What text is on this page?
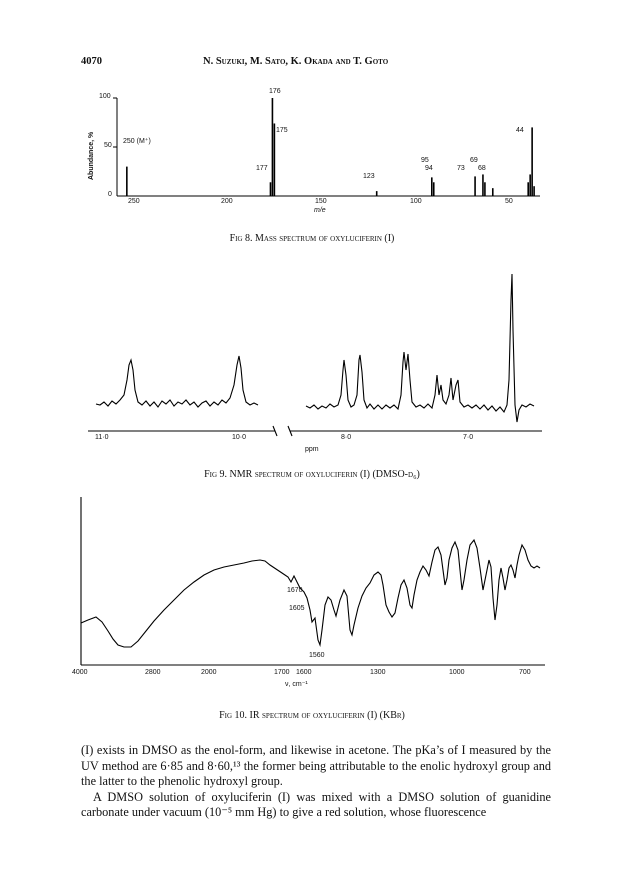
4070	N. Suzuki, M. Sato, K. Okada and T. Goto
100
50
0
Abundance, %
250	200	150	100	50
m/e
176
175
177
250 (M⁺)
123
95
94	73
69
68
44
Fig 8. Mass spectrum of oxyluciferin (I)
11·0	10·0	8·0	7·0
ppm
Fig 9. NMR spectrum of oxyluciferin (I) (DMSO-d₆)
4000	2800	2000	1700 1600	1300	1000	700
ν, cm⁻¹
1670
1605
1560
Fig 10. IR spectrum of oxyluciferin (I) (KBr)

(I) exists in DMSO as the enol-form, and likewise in acetone. The pKa’s of I measured by the UV method are 6·85 and 8·60,¹³ the former being attributable to the enolic hydroxyl group and the latter to the phenolic hydroxyl group.

A DMSO solution of oxyluciferin (I) was mixed with a DMSO solution of guanidine carbonate under vacuum (10⁻⁵ mm Hg) to give a red solution, whose fluorescence
